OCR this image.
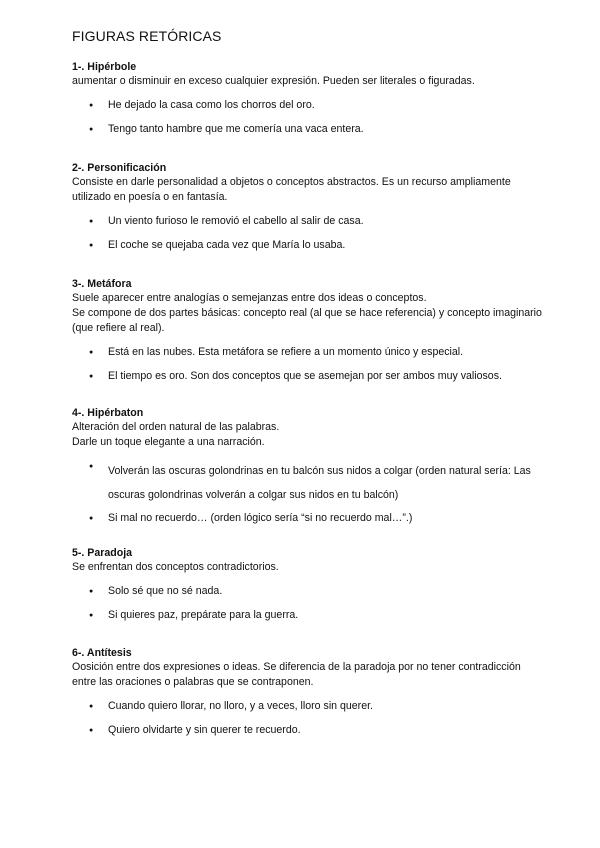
FIGURAS RETÓRICAS
1-. Hipérbole

aumentar o disminuir en exceso cualquier expresión. Pueden ser literales o figuradas.

● He dejado la casa como los chorros del oro.
● Tengo tanto hambre que me comería una vaca entera.
2-. Personificación

Consiste en darle personalidad a objetos o conceptos abstractos. Es un recurso ampliamente utilizado en poesía o en fantasía.

● Un viento furioso le removió el cabello al salir de casa.
● El coche se quejaba cada vez que María lo usaba.
3-. Metáfora

Suele aparecer entre analogías o semejanzas entre dos ideas o conceptos.

Se compone de dos partes básicas: concepto real (al que se hace referencia) y concepto imaginario (que refiere al real).

● Está en las nubes. Esta metáfora se refiere a un momento único y especial.
● El tiempo es oro. Son dos conceptos que se asemejan por ser ambos muy valiosos.
4-. Hipérbaton

Alteración del orden natural de las palabras.

Darle un toque elegante a una narración.

● Volverán las oscuras golondrinas en tu balcón sus nidos a colgar (orden natural sería: Las oscuras golondrinas volverán a colgar sus nidos en tu balcón)
● Si mal no recuerdo… (orden lógico sería “si no recuerdo mal…”.)
5-. Paradoja

Se enfrentan dos conceptos contradictorios.

● Solo sé que no sé nada.
● Si quieres paz, prepárate para la guerra.
6-. Antítesis

Oosición entre dos expresiones o ideas. Se diferencia de la paradoja por no tener contradicción entre las oraciones o palabras que se contraponen.

● Cuando quiero llorar, no lloro, y a veces, lloro sin querer.
● Quiero olvidarte y sin querer te recuerdo.
